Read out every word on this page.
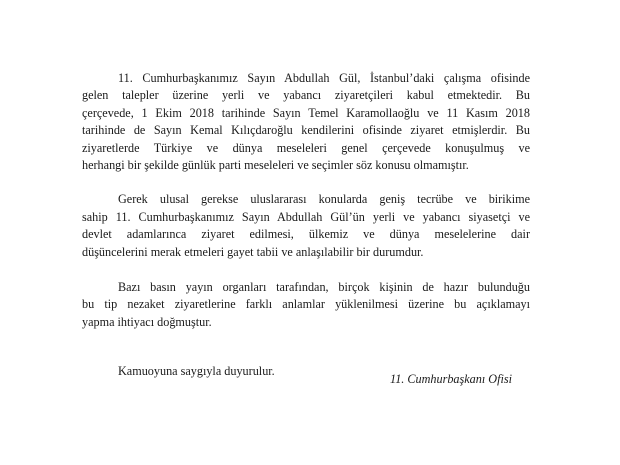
11. Cumhurbaşkanımız Sayın Abdullah Gül, İstanbul’daki çalışma ofisinde
gelen talepler üzerine yerli ve yabancı ziyaretçileri kabul etmektedir. Bu
çerçevede, 1 Ekim 2018 tarihinde Sayın Temel Karamollaoğlu ve 11 Kasım 2018
tarihinde de Sayın Kemal Kılıçdaroğlu kendilerini ofisinde ziyaret etmişlerdir. Bu
ziyaretlerde Türkiye ve dünya meseleleri genel çerçevede konuşulmuş ve
herhangi bir şekilde günlük parti meseleleri ve seçimler söz konusu olmamıştır.

Gerek ulusal gerekse uluslararası konularda geniş tecrübe ve birikime
sahip 11. Cumhurbaşkanımız Sayın Abdullah Gül’ün yerli ve yabancı siyasetçi ve
devlet adamlarınca ziyaret edilmesi, ülkemiz ve dünya meselelerine dair
düşüncelerini merak etmeleri gayet tabii ve anlaşılabilir bir durumdur.

Bazı basın yayın organları tarafından, birçok kişinin de hazır bulunduğu
bu tip nezaket ziyaretlerine farklı anlamlar yüklenilmesi üzerine bu açıklamayı
yapma ihtiyacı doğmuştur.

Kamuoyuna saygıyla duyurulur.

11. Cumhurbaşkanı Ofisi
